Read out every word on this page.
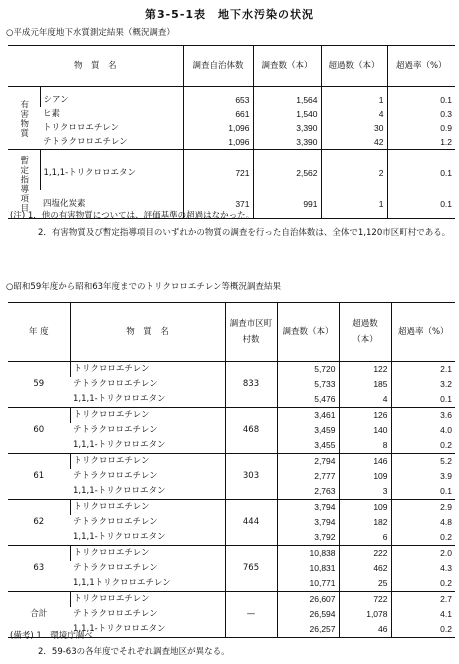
第3-5-1表　地下水汚染の状況
○平成元年度地下水質測定結果（概況調査）
物　質　名		調査自治体数	調査数（本）	超過数（本）	超過率（%）
有害物質	シアン	653	1,564	1	0.1
	ヒ素	661	1,540	4	0.3
	トリクロロエチレン	1,096	3,390	30	0.9
	テトラクロロエチレン	1,096	3,390	42	1.2
暫定指導項目	1,1,1-トリクロロエタン	721	2,562	2	0.1
	四塩化炭素	371	991	1	0.1
(注) 1．他の有害物質については、評価基準の超過はなかった。
2．有害物質及び暫定指導項目のいずれかの物質の調査を行った自治体数は、全体で1,120市区町村である。
○昭和59年度から昭和63年度までのトリクロロエチレン等概況調査結果
年 度	物　質　名	調査市区町村数	調査数（本）	超過数（本）	超過率（%）
59	トリクロロエチレン	833	5,720	122	2.1
	テトラクロロエチレン		5,733	185	3.2
	1,1,1-トリクロロエタン		5,476	4	0.1
60	トリクロロエチレン	468	3,461	126	3.6
	テトラクロロエチレン		3,459	140	4.0
	1,1,1-トリクロロエタン		3,455	8	0.2
61	トリクロロエチレン	303	2,794	146	5.2
	テトラクロロエチレン		2,777	109	3.9
	1,1,1-トリクロロエタン		2,763	3	0.1
62	トリクロロエチレン	444	3,794	109	2.9
	テトラクロロエチレン		3,794	182	4.8
	1,1,1-トリクロロエタン		3,792	6	0.2
63	トリクロロエチレン	765	10,838	222	2.0
	テトラクロロエチレン		10,831	462	4.3
	1,1,1トリクロロエチレン		10,771	25	0.2
合計	トリクロロエチレン	—	26,607	722	2.7
	テトラクロロエチレン		26,594	1,078	4.1
	1,1,1-トリクロロエタン		26,257	46	0.2
(備考) 1．環境庁調べ
2．59-63の各年度でそれぞれ調査地区が異なる。
